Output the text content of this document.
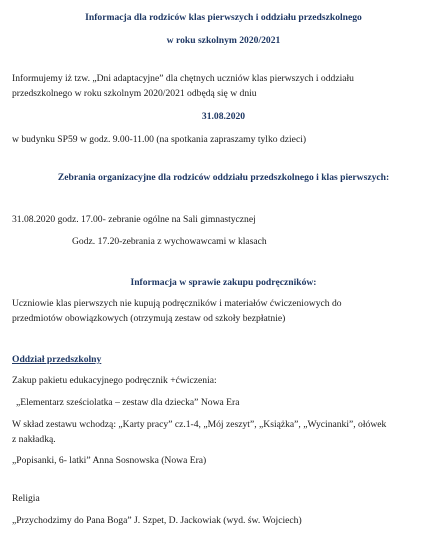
Informacja dla rodziców klas pierwszych i oddziału przedszkolnego
w roku szkolnym 2020/2021
Informujemy iż tzw. „Dni adaptacyjne” dla chętnych uczniów klas pierwszych i oddziału
przedszkolnego w roku szkolnym 2020/2021 odbędą się w dniu
31.08.2020
w budynku SP59 w godz. 9.00-11.00 (na spotkania zapraszamy tylko dzieci)
Zebrania organizacyjne dla rodziców oddziału przedszkolnego i klas pierwszych:
31.08.2020 godz. 17.00- zebranie ogólne na Sali gimnastycznej
Godz. 17.20-zebrania z wychowawcami w klasach
Informacja w sprawie zakupu podręczników:
Uczniowie klas pierwszych nie kupują podręczników i materiałów ćwiczeniowych do
przedmiotów obowiązkowych (otrzymują zestaw od szkoły bezpłatnie)
Oddział przedszkolny
Zakup pakietu edukacyjnego podręcznik +ćwiczenia:
„Elementarz sześciolatka – zestaw dla dziecka” Nowa Era
W skład zestawu wchodzą: „Karty pracy” cz.1-4, „Mój zeszyt”, „Książka”, „Wycinanki”, ołówek
z nakładką.
„Popisanki, 6- latki” Anna Sosnowska (Nowa Era)
Religia
„Przychodzimy do Pana Boga” J. Szpet, D. Jackowiak (wyd. św. Wojciech)
